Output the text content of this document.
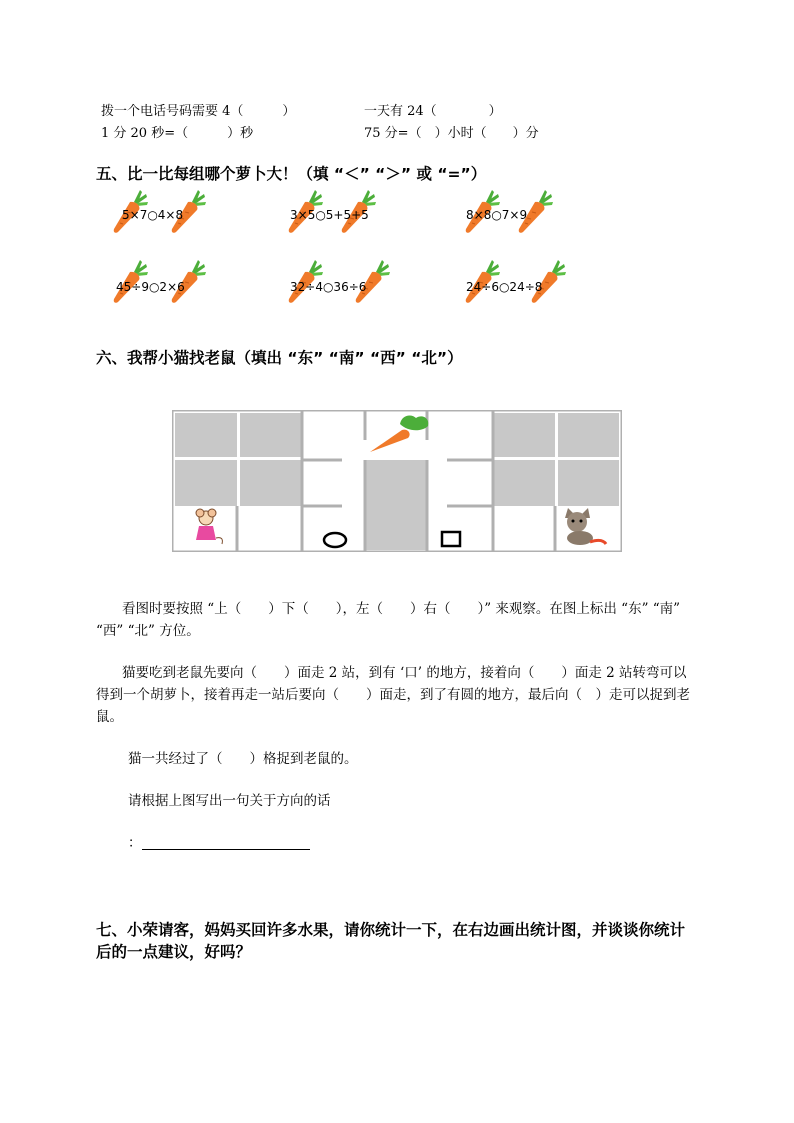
拨一个电话号码需要 4（　　　）	一天有 24（　　　　）
1 分 20 秒=（　　　）秒	75 分=（　）小时（　　）分
五、比一比每组哪个萝卜大！（填 “＜” “＞” 或 “=”）
5×7○4×8	3×5○5+5+5	8×8○7×9
45÷9○2×6	32÷4○36÷6	24÷6○24÷8
六、我帮小猫找老鼠（填出 “东” “南” “西” “北”）
看图时要按照 “上（　　）下（　　），左（　　）右（　　）” 来观察。在图上标出 “东” “南”
“西” “北” 方位。
猫要吃到老鼠先要向（　　）面走 2 站，到有 ‘口’ 的地方，接着向（　　）面走 2 站转弯可以
得到一个胡萝卜，接着再走一站后要向（　　）面走，到了有圆的地方，最后向（　）走可以捉到老
鼠。
猫一共经过了（　　）格捉到老鼠的。
请根据上图写出一句关于方向的话
：
七、小荣请客，妈妈买回许多水果，请你统计一下，在右边画出统计图，并谈谈你统计
后的一点建议，好吗？
